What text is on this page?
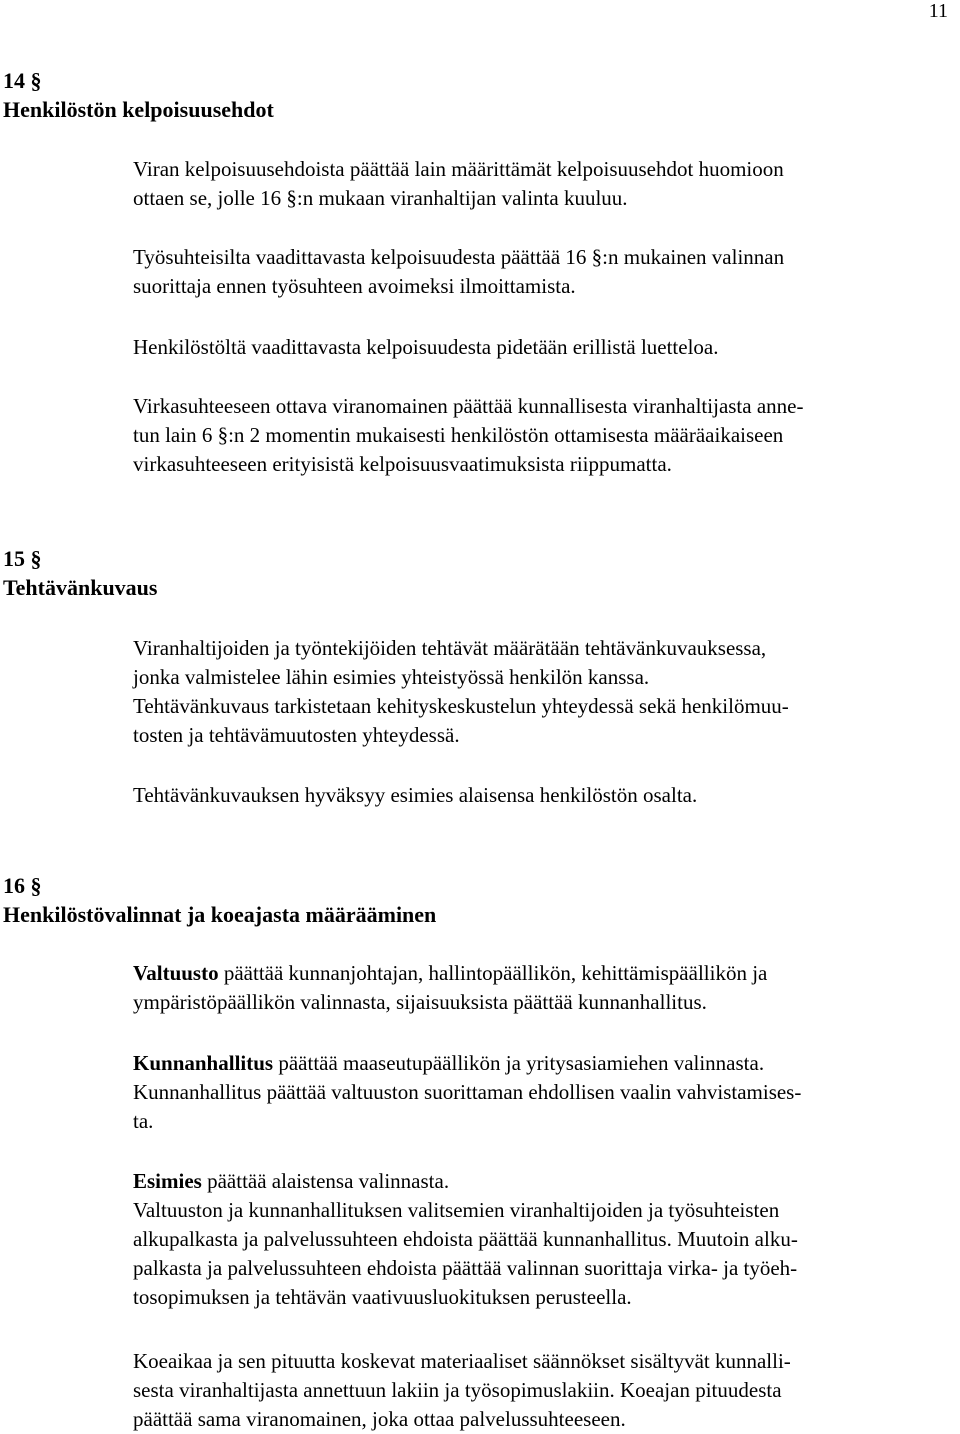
11
14 §
Henkilöstön kelpoisuusehdot
Viran kelpoisuusehdoista päättää lain määrittämät kelpoisuusehdot huomioon
ottaen se, jolle 16 §:n mukaan viranhaltijan valinta kuuluu.
Työsuhteisilta vaadittavasta kelpoisuudesta päättää 16 §:n mukainen valinnan
suorittaja ennen työsuhteen avoimeksi ilmoittamista.
Henkilöstöltä vaadittavasta kelpoisuudesta pidetään erillistä luetteloa.
Virkasuhteeseen ottava viranomainen päättää kunnallisesta viranhaltijasta anne-
tun lain 6 §:n 2 momentin mukaisesti henkilöstön ottamisesta määräaikaiseen
virkasuhteeseen erityisistä kelpoisuusvaatimuksista riippumatta.
15 §
Tehtävänkuvaus
Viranhaltijoiden ja työntekijöiden tehtävät määrätään tehtävänkuvauksessa,
jonka valmistelee lähin esimies yhteistyössä henkilön kanssa.
Tehtävänkuvaus tarkistetaan kehityskeskustelun yhteydessä sekä henkilömuu-
tosten ja tehtävämuutosten yhteydessä.
Tehtävänkuvauksen hyväksyy esimies alaisensa henkilöstön osalta.
16 §
Henkilöstövalinnat ja koeajasta määrääminen
Valtuusto päättää kunnanjohtajan, hallintopäällikön, kehittämispäällikön ja
ympäristöpäällikön valinnasta, sijaisuuksista päättää kunnanhallitus.
Kunnanhallitus päättää maaseutupäällikön ja yritysasiamiehen valinnasta.
Kunnanhallitus päättää valtuuston suorittaman ehdollisen vaalin vahvistamises-
ta.
Esimies päättää alaistensa valinnasta.
Valtuuston ja kunnanhallituksen valitsemien viranhaltijoiden ja työsuhteisten
alkupalkasta ja palvelussuhteen ehdoista päättää kunnanhallitus. Muutoin alku-
palkasta ja palvelussuhteen ehdoista päättää valinnan suorittaja virka- ja työeh-
tosopimuksen ja tehtävän vaativuusluokituksen perusteella.
Koeaikaa ja sen pituutta koskevat materiaaliset säännökset sisältyvät kunnalli-
sesta viranhaltijasta annettuun lakiin ja työsopimuslakiin. Koeajan pituudesta
päättää sama viranomainen, joka ottaa palvelussuhteeseen.
